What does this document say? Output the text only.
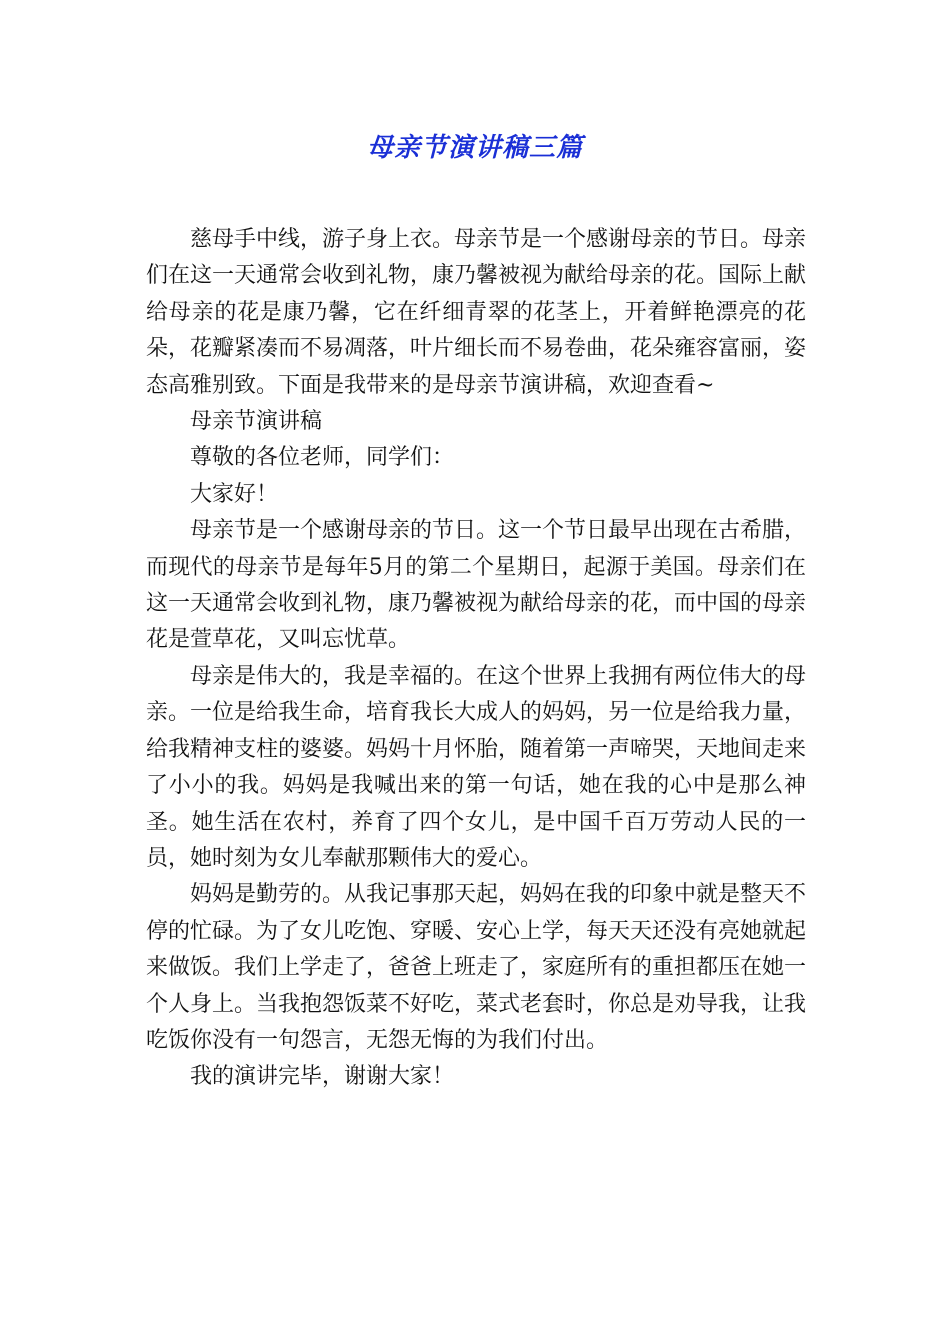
母亲节演讲稿三篇

慈母手中线，游子身上衣。母亲节是一个感谢母亲的节日。母亲们在这一天通常会收到礼物，康乃馨被视为献给母亲的花。国际上献给母亲的花是康乃馨，它在纤细青翠的花茎上，开着鲜艳漂亮的花朵，花瓣紧凑而不易凋落，叶片细长而不易卷曲，花朵雍容富丽，姿态高雅别致。下面是我带来的是母亲节演讲稿，欢迎查看~

母亲节演讲稿

尊敬的各位老师，同学们：

大家好！

母亲节是一个感谢母亲的节日。这一个节日最早出现在古希腊，而现代的母亲节是每年5月的第二个星期日，起源于美国。母亲们在这一天通常会收到礼物，康乃馨被视为献给母亲的花，而中国的母亲花是萱草花，又叫忘忧草。

母亲是伟大的，我是幸福的。在这个世界上我拥有两位伟大的母亲。一位是给我生命，培育我长大成人的妈妈，另一位是给我力量，给我精神支柱的婆婆。妈妈十月怀胎，随着第一声啼哭，天地间走来了小小的我。妈妈是我喊出来的第一句话，她在我的心中是那么神圣。她生活在农村，养育了四个女儿，是中国千百万劳动人民的一员，她时刻为女儿奉献那颗伟大的爱心。

妈妈是勤劳的。从我记事那天起，妈妈在我的印象中就是整天不停的忙碌。为了女儿吃饱、穿暖、安心上学，每天天还没有亮她就起来做饭。我们上学走了，爸爸上班走了，家庭所有的重担都压在她一个人身上。当我抱怨饭菜不好吃，菜式老套时，你总是劝导我，让我吃饭你没有一句怨言，无怨无悔的为我们付出。

我的演讲完毕，谢谢大家！
